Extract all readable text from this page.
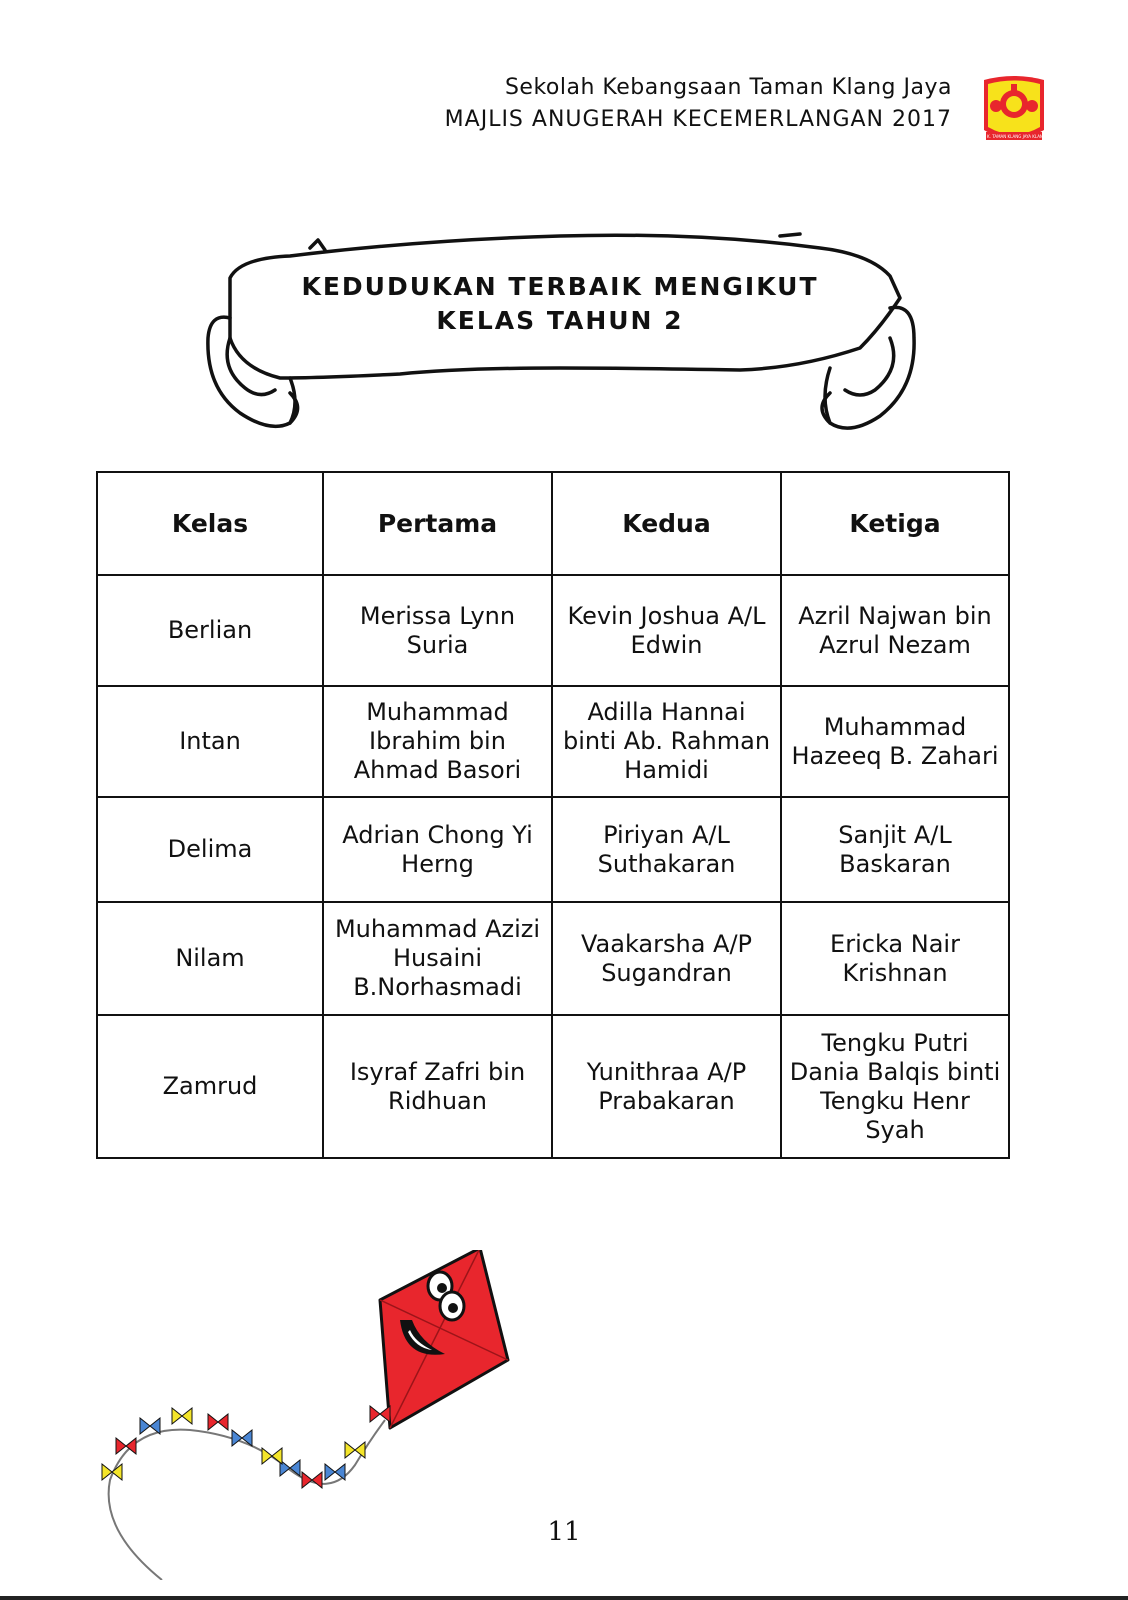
Sekolah Kebangsaan Taman Klang Jaya
MAJLIS ANUGERAH KECEMERLANGAN 2017
S. K. TAMAN KLANG JAYA KLANG
KEDUDUKAN TERBAIK MENGIKUT
KELAS TAHUN 2
Kelas	Pertama	Kedua	Ketiga
Berlian	Merissa Lynn Suria	Kevin Joshua A/L Edwin	Azril Najwan bin Azrul Nezam
Intan	Muhammad Ibrahim bin Ahmad Basori	Adilla Hannai binti Ab. Rahman Hamidi	Muhammad Hazeeq B. Zahari
Delima	Adrian Chong Yi Herng	Piriyan A/L Suthakaran	Sanjit A/L Baskaran
Nilam	Muhammad Azizi Husaini B.Norhasmadi	Vaakarsha A/P Sugandran	Ericka Nair Krishnan
Zamrud	Isyraf Zafri bin Ridhuan	Yunithraa A/P Prabakaran	Tengku Putri Dania Balqis binti Tengku Henr Syah
11
